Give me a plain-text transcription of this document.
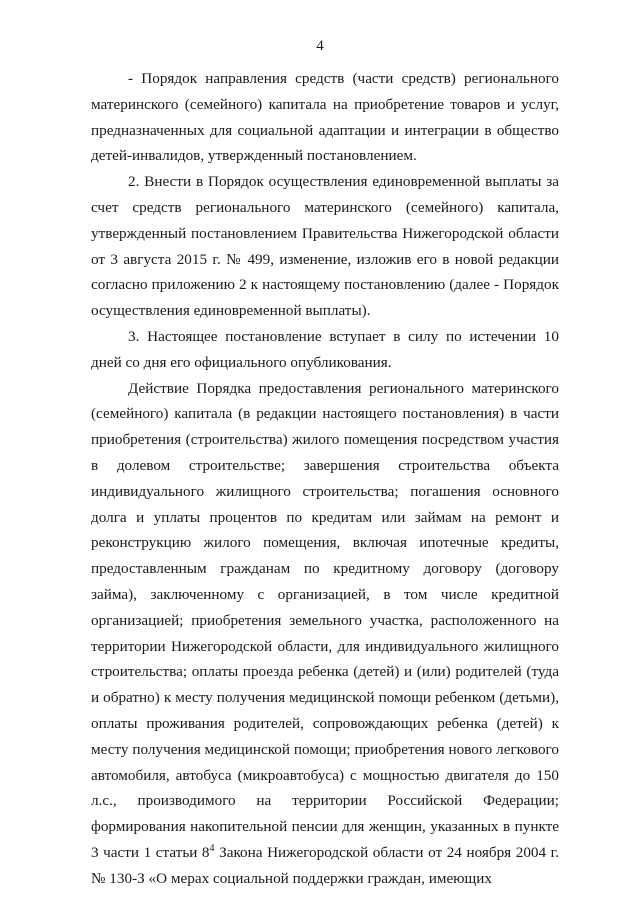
4

- Порядок направления средств (части средств) регионального материнского (семейного) капитала на приобретение товаров и услуг, предназначенных для социальной адаптации и интеграции в общество детей-инвалидов, утвержденный постановлением.

2. Внести в Порядок осуществления единовременной выплаты за счет средств регионального материнского (семейного) капитала, утвержденный постановлением Правительства Нижегородской области от 3 августа 2015 г. № 499, изменение, изложив его в новой редакции согласно приложению 2 к настоящему постановлению (далее - Порядок осуществления единовременной выплаты).

3. Настоящее постановление вступает в силу по истечении 10 дней со дня его официального опубликования.

Действие Порядка предоставления регионального материнского (семейного) капитала (в редакции настоящего постановления) в части приобретения (строительства) жилого помещения посредством участия в долевом строительстве; завершения строительства объекта индивидуального жилищного строительства; погашения основного долга и уплаты процентов по кредитам или займам на ремонт и реконструкцию жилого помещения, включая ипотечные кредиты, предоставленным гражданам по кредитному договору (договору займа), заключенному с организацией, в том числе кредитной организацией; приобретения земельного участка, расположенного на территории Нижегородской области, для индивидуального жилищного строительства; оплаты проезда ребенка (детей) и (или) родителей (туда и обратно) к месту получения медицинской помощи ребенком (детьми), оплаты проживания родителей, сопровождающих ребенка (детей) к месту получения медицинской помощи; приобретения нового легкового автомобиля, автобуса (микроавтобуса) с мощностью двигателя до 150 л.с., производимого на территории Российской Федерации; формирования накопительной пенсии для женщин, указанных в пункте 3 части 1 статьи $8^4$ Закона Нижегородской области от 24 ноября 2004 г. № 130-З «О мерах социальной поддержки граждан, имеющих
